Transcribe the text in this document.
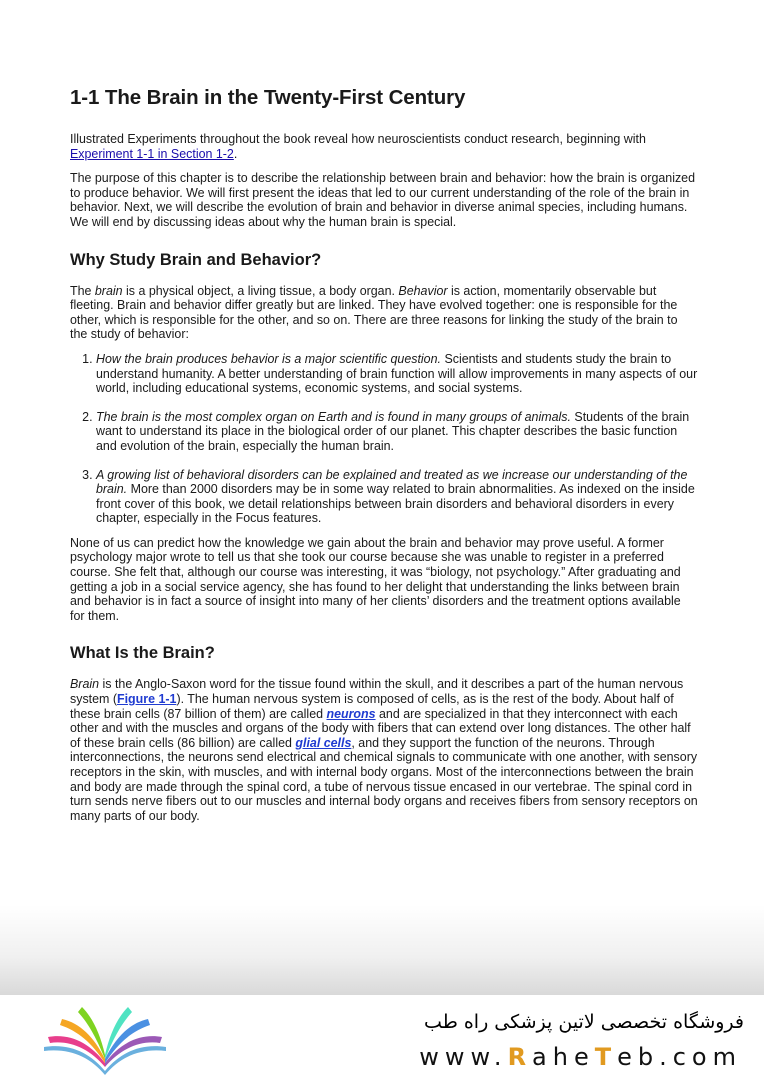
1-1 The Brain in the Twenty-First Century

Illustrated Experiments throughout the book reveal how neuroscientists conduct research, beginning with Experiment 1-1 in Section 1-2.

The purpose of this chapter is to describe the relationship between brain and behavior: how the brain is organized to produce behavior. We will first present the ideas that led to our current understanding of the role of the brain in behavior. Next, we will describe the evolution of brain and behavior in diverse animal species, including humans. We will end by discussing ideas about why the human brain is special.

Why Study Brain and Behavior?

The brain is a physical object, a living tissue, a body organ. Behavior is action, momentarily observable but fleeting. Brain and behavior differ greatly but are linked. They have evolved together: one is responsible for the other, which is responsible for the other, and so on. There are three reasons for linking the study of the brain to the study of behavior:

1. How the brain produces behavior is a major scientific question. Scientists and students study the brain to understand humanity. A better understanding of brain function will allow improvements in many aspects of our world, including educational systems, economic systems, and social systems.
2. The brain is the most complex organ on Earth and is found in many groups of animals. Students of the brain want to understand its place in the biological order of our planet. This chapter describes the basic function and evolution of the brain, especially the human brain.
3. A growing list of behavioral disorders can be explained and treated as we increase our understanding of the brain. More than 2000 disorders may be in some way related to brain abnormalities. As indexed on the inside front cover of this book, we detail relationships between brain disorders and behavioral disorders in every chapter, especially in the Focus features.

None of us can predict how the knowledge we gain about the brain and behavior may prove useful. A former psychology major wrote to tell us that she took our course because she was unable to register in a preferred course. She felt that, although our course was interesting, it was “biology, not psychology.” After graduating and getting a job in a social service agency, she has found to her delight that understanding the links between brain and behavior is in fact a source of insight into many of her clients’ disorders and the treatment options available for them.

What Is the Brain?

Brain is the Anglo-Saxon word for the tissue found within the skull, and it describes a part of the human nervous system (Figure 1-1). The human nervous system is composed of cells, as is the rest of the body. About half of these brain cells (87 billion of them) are called neurons and are specialized in that they interconnect with each other and with the muscles and organs of the body with fibers that can extend over long distances. The other half of these brain cells (86 billion) are called glial cells, and they support the function of the neurons. Through interconnections, the neurons send electrical and chemical signals to communicate with one another, with sensory receptors in the skin, with muscles, and with internal body organs. Most of the interconnections between the brain and body are made through the spinal cord, a tube of nervous tissue encased in our vertebrae. The spinal cord in turn sends nerve fibers out to our muscles and internal body organs and receives fibers from sensory receptors on many parts of our body.

فروشگاه تخصصی لاتین پزشکی راه طب
www.RaheTeb.com
